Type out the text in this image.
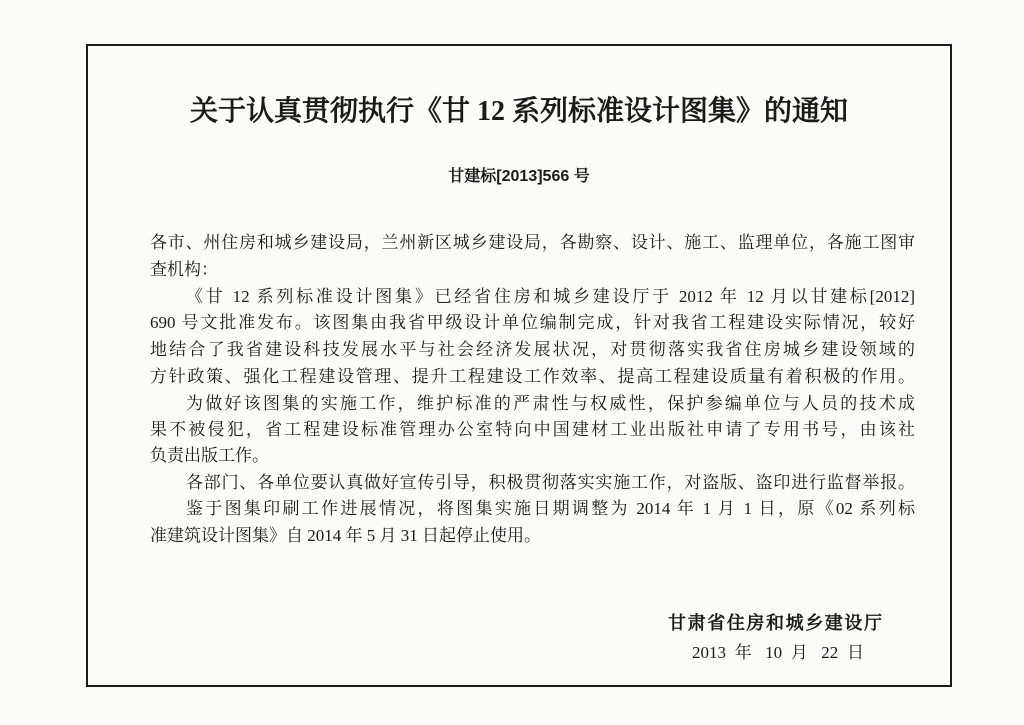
关于认真贯彻执行《甘 12 系列标准设计图集》的通知
甘建标[2013]566 号
各市、州住房和城乡建设局，兰州新区城乡建设局，各勘察、设计、施工、监理单位，各施工图审
查机构：
《甘 12 系列标准设计图集》已经省住房和城乡建设厅于 2012 年 12 月以甘建标[2012]
690 号文批准发布。该图集由我省甲级设计单位编制完成，针对我省工程建设实际情况，较好
地结合了我省建设科技发展水平与社会经济发展状况，对贯彻落实我省住房城乡建设领域的
方针政策、强化工程建设管理、提升工程建设工作效率、提高工程建设质量有着积极的作用。
为做好该图集的实施工作，维护标准的严肃性与权威性，保护参编单位与人员的技术成
果不被侵犯，省工程建设标准管理办公室特向中国建材工业出版社申请了专用书号，由该社
负责出版工作。
各部门、各单位要认真做好宣传引导，积极贯彻落实实施工作，对盗版、盗印进行监督举报。
鉴于图集印刷工作进展情况，将图集实施日期调整为 2014 年 1 月 1 日，原《02 系列标
准建筑设计图集》自 2014 年 5 月 31 日起停止使用。
甘肃省住房和城乡建设厅
2013 年 10 月 22 日
